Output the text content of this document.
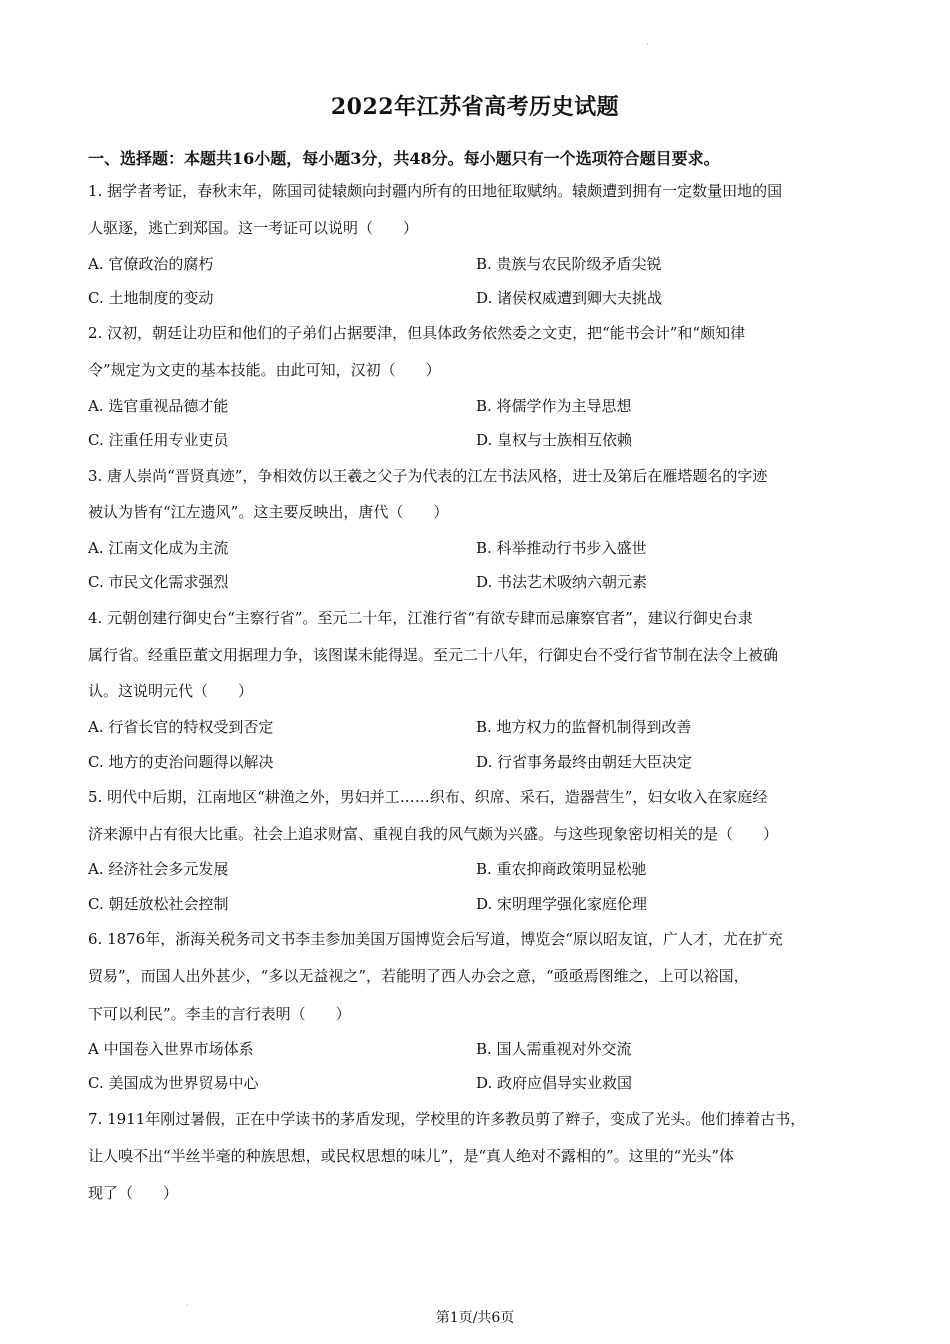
·
2022年江苏省高考历史试题
一、选择题：本题共16小题，每小题3分，共48分。每小题只有一个选项符合题目要求。
1. 据学者考证，春秋末年，陈国司徒辕颇向封疆内所有的田地征取赋纳。辕颇遭到拥有一定数量田地的国
人驱逐，逃亡到郑国。这一考证可以说明（　　）
A. 官僚政治的腐朽	B. 贵族与农民阶级矛盾尖锐
C. 土地制度的变动	D. 诸侯权威遭到卿大夫挑战
2. 汉初，朝廷让功臣和他们的子弟们占据要津，但具体政务依然委之文吏，把“能书会计”和“颇知律
令”规定为文吏的基本技能。由此可知，汉初（　　）
A. 选官重视品德才能	B. 将儒学作为主导思想
C. 注重任用专业吏员	D. 皇权与士族相互依赖
3. 唐人崇尚“晋贤真迹”，争相效仿以王羲之父子为代表的江左书法风格，进士及第后在雁塔题名的字迹
被认为皆有“江左遗风”。这主要反映出，唐代（　　）
A. 江南文化成为主流	B. 科举推动行书步入盛世
C. 市民文化需求强烈	D. 书法艺术吸纳六朝元素
4. 元朝创建行御史台“主察行省”。至元二十年，江淮行省“有欲专肆而忌廉察官者”，建议行御史台隶
属行省。经重臣董文用据理力争，该图谋未能得逞。至元二十八年，行御史台不受行省节制在法令上被确
认。这说明元代（　　）
A. 行省长官的特权受到否定	B. 地方权力的监督机制得到改善
C. 地方的吏治问题得以解决	D. 行省事务最终由朝廷大臣决定
5. 明代中后期，江南地区“耕渔之外，男妇并工……织布、织席、采石，造器营生”，妇女收入在家庭经
济来源中占有很大比重。社会上追求财富、重视自我的风气颇为兴盛。与这些现象密切相关的是（　　）
A. 经济社会多元发展	B. 重农抑商政策明显松驰
C. 朝廷放松社会控制	D. 宋明理学强化家庭伦理
6. 1876年，浙海关税务司文书李圭参加美国万国博览会后写道，博览会“原以昭友谊，广人才，尤在扩充
贸易”，而国人出外甚少，“多以无益视之”，若能明了西人办会之意，“亟亟焉图维之，上可以裕国，
下可以利民”。李圭的言行表明（　　）
A 中国卷入世界市场体系	B. 国人需重视对外交流
C. 美国成为世界贸易中心	D. 政府应倡导实业救国
7. 1911年刚过暑假，正在中学读书的茅盾发现，学校里的许多教员剪了辫子，变成了光头。他们捧着古书，
让人嗅不出“半丝半毫的种族思想，或民权思想的味儿”，是“真人绝对不露相的”。这里的“光头”体
现了（　　）
·
第1页/共6页
